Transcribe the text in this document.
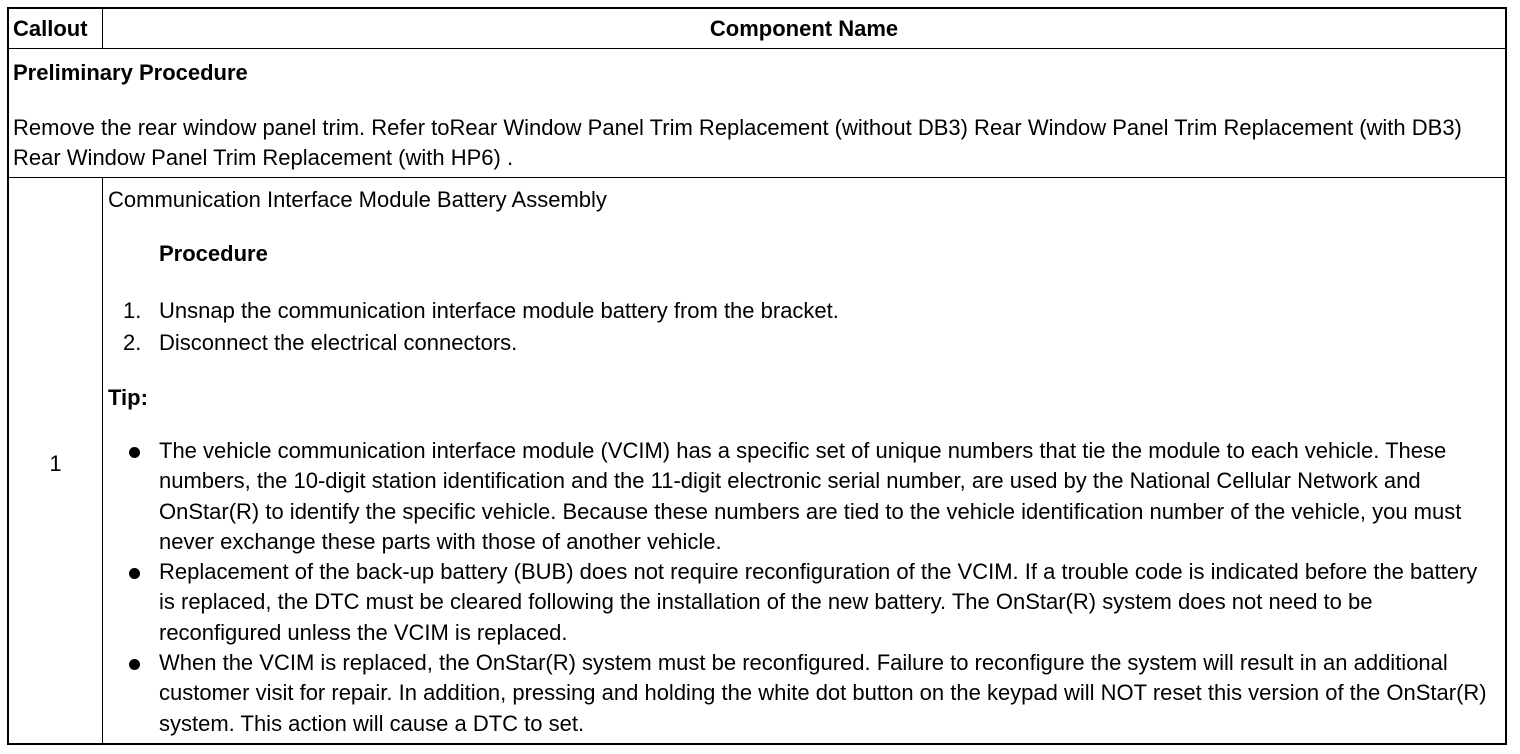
Callout	Component Name
Preliminary Procedure
Remove the rear window panel trim. Refer toRear Window Panel Trim Replacement (without DB3) Rear Window Panel Trim Replacement (with DB3) Rear Window Panel Trim Replacement (with HP6) .
1
Communication Interface Module Battery Assembly
Procedure
1. Unsnap the communication interface module battery from the bracket.
2. Disconnect the electrical connectors.
Tip:
The vehicle communication interface module (VCIM) has a specific set of unique numbers that tie the module to each vehicle. These numbers, the 10-digit station identification and the 11-digit electronic serial number, are used by the National Cellular Network and OnStar(R) to identify the specific vehicle. Because these numbers are tied to the vehicle identification number of the vehicle, you must never exchange these parts with those of another vehicle.
Replacement of the back-up battery (BUB) does not require reconfiguration of the VCIM. If a trouble code is indicated before the battery is replaced, the DTC must be cleared following the installation of the new battery. The OnStar(R) system does not need to be reconfigured unless the VCIM is replaced.
When the VCIM is replaced, the OnStar(R) system must be reconfigured. Failure to reconfigure the system will result in an additional customer visit for repair. In addition, pressing and holding the white dot button on the keypad will NOT reset this version of the OnStar(R) system. This action will cause a DTC to set.
